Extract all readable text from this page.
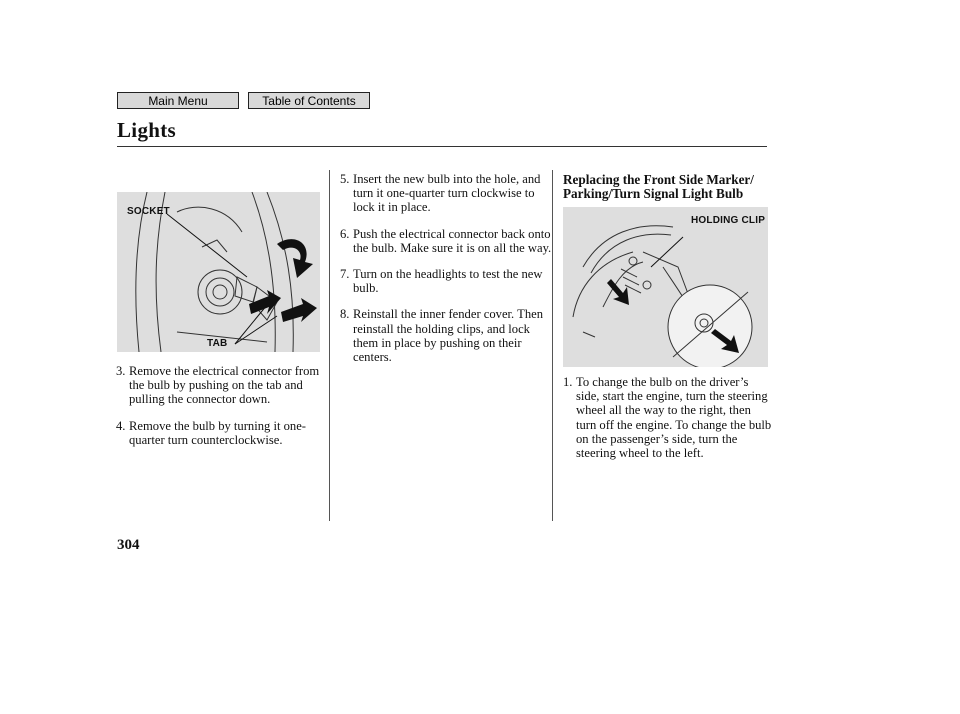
Main Menu	Table of Contents
Lights
SOCKET
TAB
HOLDING CLIP
Replacing the Front Side Marker/ Parking/Turn Signal Light Bulb
3. Remove the electrical connector from the bulb by pushing on the tab and pulling the connector down.
4. Remove the bulb by turning it one-quarter turn counterclockwise.
5. Insert the new bulb into the hole, and turn it one-quarter turn clockwise to lock it in place.
6. Push the electrical connector back onto the bulb. Make sure it is on all the way.
7. Turn on the headlights to test the new bulb.
8. Reinstall the inner fender cover. Then reinstall the holding clips, and lock them in place by pushing on their centers.
1. To change the bulb on the driver’s side, start the engine, turn the steering wheel all the way to the right, then turn off the engine. To change the bulb on the passenger’s side, turn the steering wheel to the left.
304
